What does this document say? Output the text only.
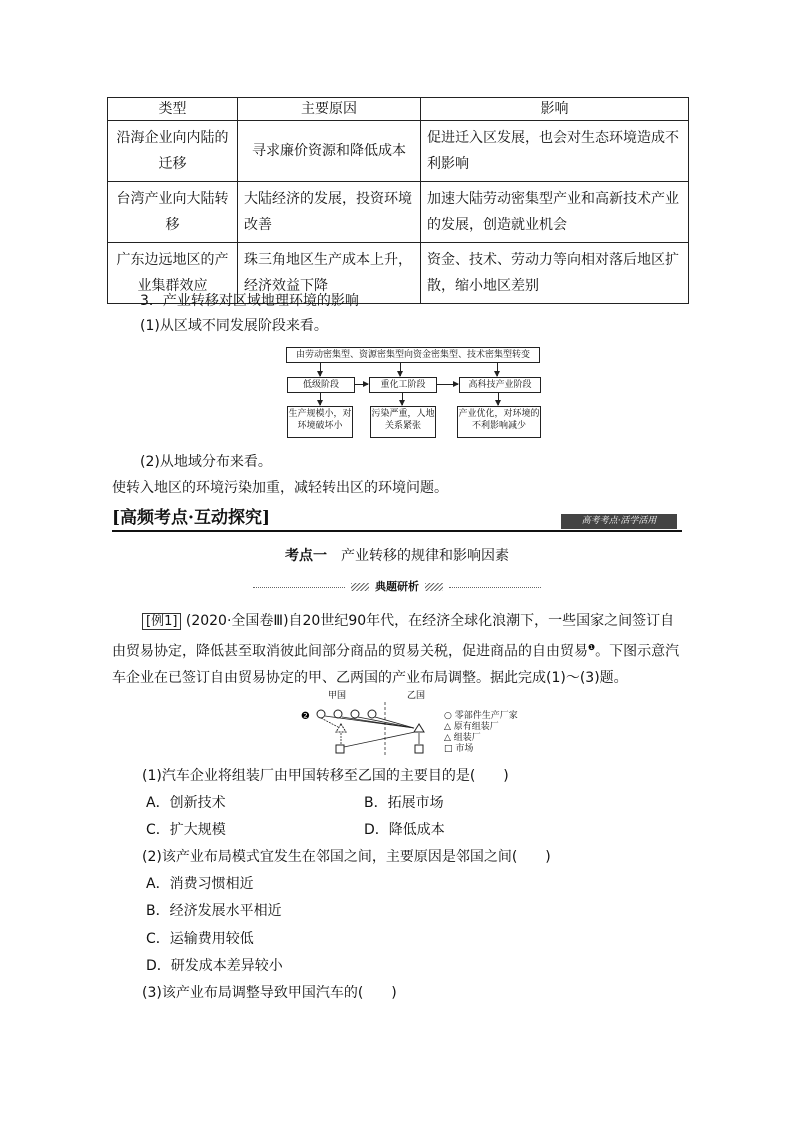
类型	主要原因	影响
沿海企业向内陆的迁移	寻求廉价资源和降低成本	促进迁入区发展，也会对生态环境造成不利影响
台湾产业向大陆转移	大陆经济的发展，投资环境改善	加速大陆劳动密集型产业和高新技术产业的发展，创造就业机会
广东边远地区的产业集群效应	珠三角地区生产成本上升，经济效益下降	资金、技术、劳动力等向相对落后地区扩散，缩小地区差别
3．产业转移对区域地理环境的影响
(1)从区域不同发展阶段来看。
由劳动密集型、资源密集型向资金密集型、技术密集型转变
低级阶段	重化工阶段	高科技产业阶段
生产规模小，对环境破坏小
污染严重，人地关系紧张
产业优化，对环境的不利影响减少
(2)从地域分布来看。
使转入地区的环境污染加重，减轻转出区的环境问题。
[高频考点·互动探究]	高考考点·活学活用
考点一 产业转移的规律和影响因素
典题研析
[例1] (2020·全国卷Ⅲ)自20世纪90年代，在经济全球化浪潮下，一些国家之间签订自由贸易协定，降低甚至取消彼此间部分商品的贸易关税，促进商品的自由贸易$^❶$。下图示意汽车企业在已签订自由贸易协定的甲、乙两国的产业布局调整。据此完成(1)～(3)题。
甲国	乙国
❷	○ 零部件生产厂家
△ 原有组装厂
△ 组装厂
□ 市场
(1)汽车企业将组装厂由甲国转移至乙国的主要目的是(　　)
A．创新技术	B．拓展市场
C．扩大规模	D．降低成本
(2)该产业布局模式宜发生在邻国之间，主要原因是邻国之间(　　)
A．消费习惯相近
B．经济发展水平相近
C．运输费用较低
D．研发成本差异较小
(3)该产业布局调整导致甲国汽车的(　　)
